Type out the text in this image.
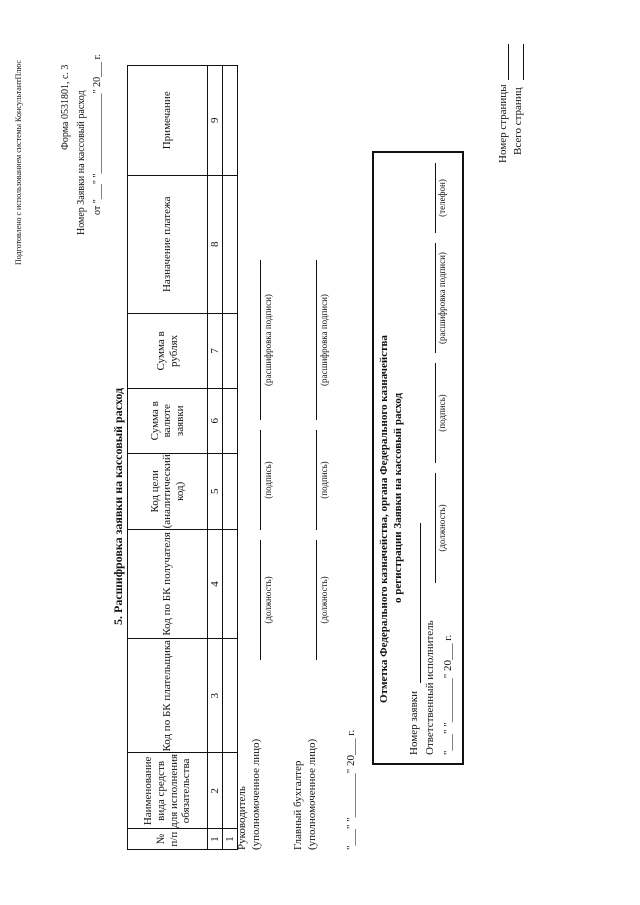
Подготовлено с использованием системы КонсультантПлюс	Форма 0531801, с. 3 Номер Заявки на кассовый расход от "___" "________________" 20___ г.
5. Расшифровка заявки на кассовый расход
№ п/п	Наименование вида средств для исполнения обязательства	Код по БК плательщика	Код по БК получателя	Код цели (аналитический код)	Сумма в валюте заявки	Сумма в рублях	Назначение платежа	Примечание
1	2	3	4	5	6	7	8	9
1								Руководитель (уполномоченное лицо)
(должность)
(подпись)
(расшифровка подписи)
Главный бухгалтер (уполномоченное лицо)
(должность)
(подпись)
(расшифровка подписи)
"___" "________" 20___ г.
Отметка Федерального казначейства, органа Федерального казначейства о регистрации Заявки на кассовый расход
Номер заявки Ответственный исполнитель
(должность)
(подпись)
(расшифровка подписи)
(телефон)
"___" "________" 20___ г.
Номер страницы Всего страниц
